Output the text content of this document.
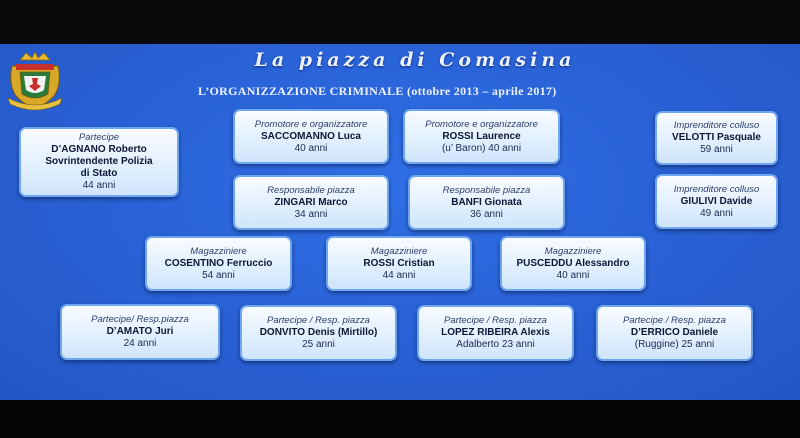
La piazza di Comasina
L’ORGANIZZAZIONE CRIMINALE (ottobre 2013 – aprile 2017)
Partecipe
D’AGNANO Roberto
Sovrintendente Polizia
di Stato
44 anni
Promotore e organizzatore
SACCOMANNO Luca
40 anni
Promotore e organizzatore
ROSSI Laurence
(u’ Baron) 40 anni
Imprenditore colluso
VELOTTI Pasquale
59 anni
Responsabile piazza
ZINGARI Marco
34 anni
Responsabile piazza
BANFI Gionata
36 anni
Imprenditore colluso
GIULIVI Davide
49 anni
Magazziniere
COSENTINO Ferruccio
54 anni
Magazziniere
ROSSI Cristian
44 anni
Magazziniere
PUSCEDDU Alessandro
40 anni
Partecipe/ Resp.piazza
D’AMATO Juri
24 anni
Partecipe / Resp. piazza
DONVITO Denis (Mirtillo)
25 anni
Partecipe / Resp. piazza
LOPEZ RIBEIRA Alexis
Adalberto 23 anni
Partecipe / Resp. piazza
D’ERRICO Daniele
(Ruggine) 25 anni
